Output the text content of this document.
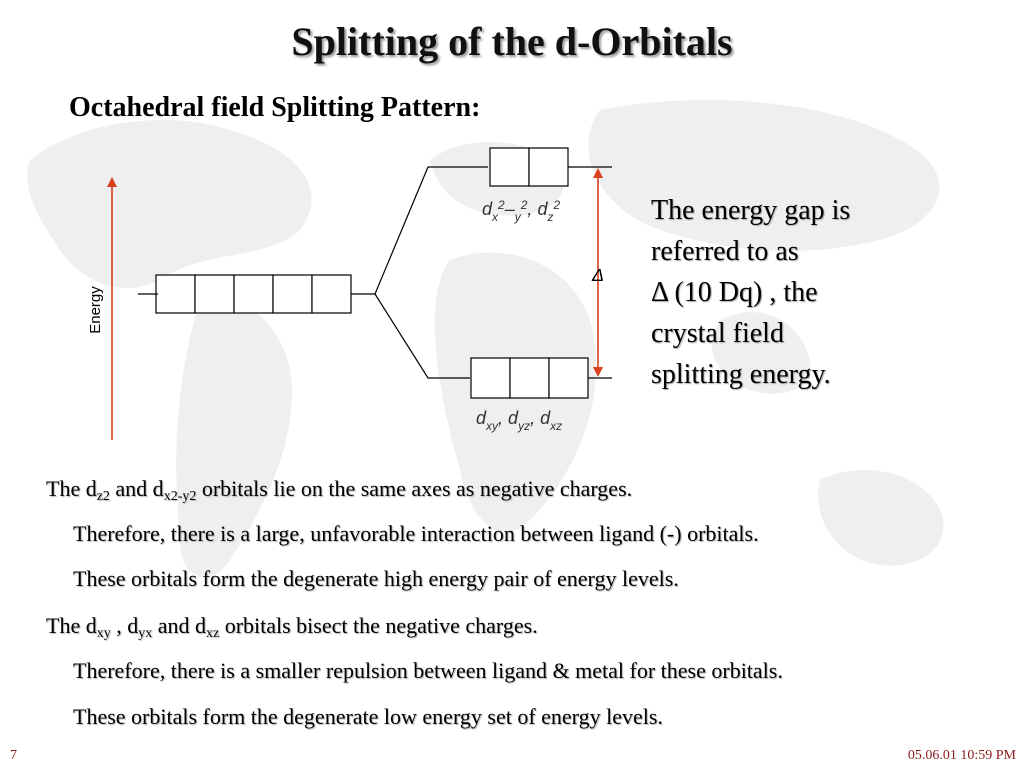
Splitting of the d-Orbitals
Octahedral field Splitting Pattern:
Energy
Δ
$d_x^2-_y^2$, $d_z^2$
$d_{xy}$, $d_{yz}$, $d_{xz}$
The energy gap is
referred to as
Δ (10 Dq) , the
crystal field
splitting energy.
The $d_{z2}$ and $d_{x2-y2}$ orbitals lie on the same axes as negative charges.
Therefore, there is a large, unfavorable interaction between ligand (-) orbitals.
These orbitals form the degenerate high energy pair of energy levels.
The $d_{xy}$ , $d_{yx}$ and $d_{xz}$ orbitals bisect the negative charges.
Therefore, there is a smaller repulsion between ligand & metal for these orbitals.
These orbitals form the degenerate low energy set of energy levels.
7	05.06.01 10:59 PM
